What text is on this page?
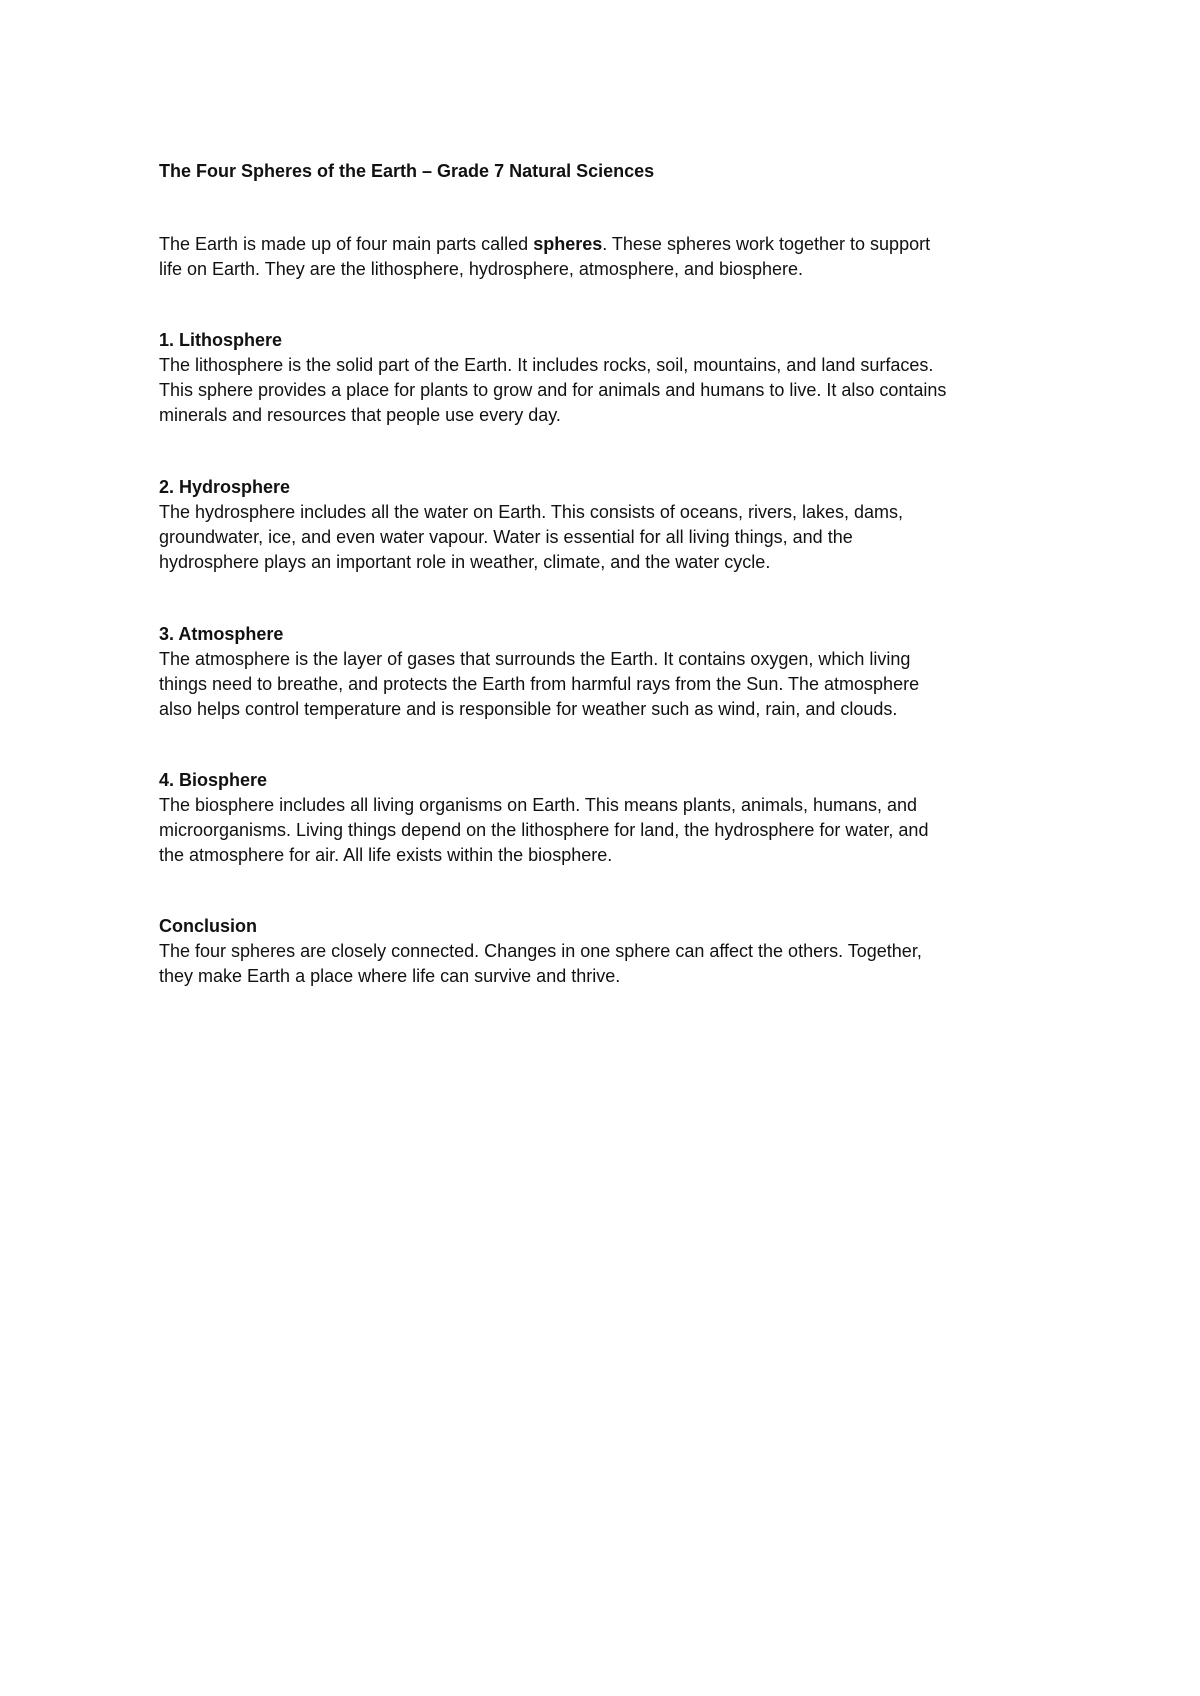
The Four Spheres of the Earth – Grade 7 Natural Sciences

The Earth is made up of four main parts called spheres. These spheres work together to support
life on Earth. They are the lithosphere, hydrosphere, atmosphere, and biosphere.

1. Lithosphere

The lithosphere is the solid part of the Earth. It includes rocks, soil, mountains, and land surfaces.
This sphere provides a place for plants to grow and for animals and humans to live. It also contains
minerals and resources that people use every day.

2. Hydrosphere

The hydrosphere includes all the water on Earth. This consists of oceans, rivers, lakes, dams,
groundwater, ice, and even water vapour. Water is essential for all living things, and the
hydrosphere plays an important role in weather, climate, and the water cycle.

3. Atmosphere

The atmosphere is the layer of gases that surrounds the Earth. It contains oxygen, which living
things need to breathe, and protects the Earth from harmful rays from the Sun. The atmosphere
also helps control temperature and is responsible for weather such as wind, rain, and clouds.

4. Biosphere

The biosphere includes all living organisms on Earth. This means plants, animals, humans, and
microorganisms. Living things depend on the lithosphere for land, the hydrosphere for water, and
the atmosphere for air. All life exists within the biosphere.

Conclusion

The four spheres are closely connected. Changes in one sphere can affect the others. Together,
they make Earth a place where life can survive and thrive.
